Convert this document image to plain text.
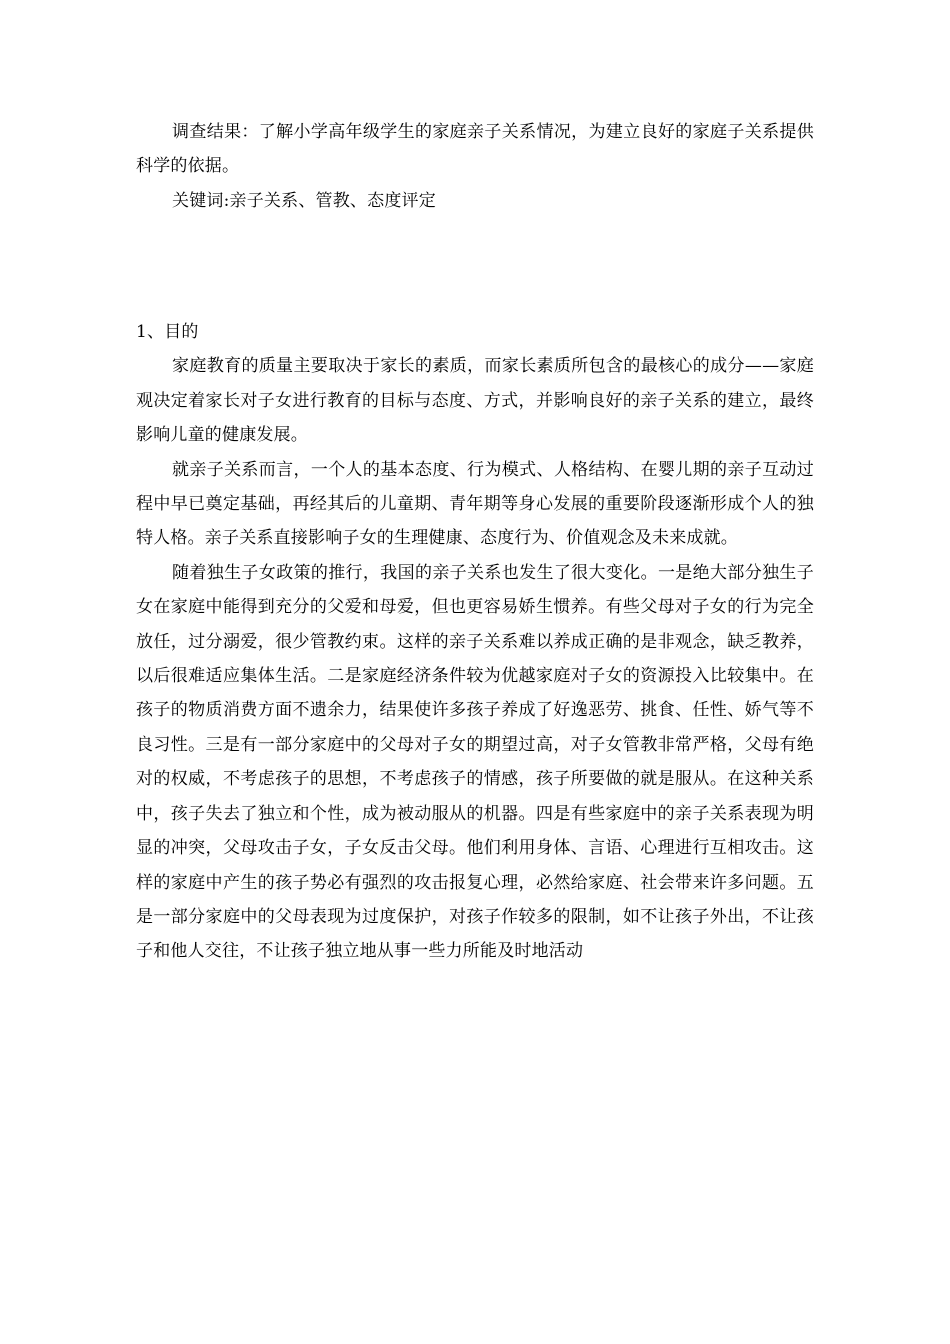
调查结果：了解小学高年级学生的家庭亲子关系情况，为建立良好的家庭子关系提供科学的依据。

关键词:亲子关系、管教、态度评定

1、目的

家庭教育的质量主要取决于家长的素质，而家长素质所包含的最核心的成分——家庭观决定着家长对子女进行教育的目标与态度、方式，并影响良好的亲子关系的建立，最终影响儿童的健康发展。

就亲子关系而言，一个人的基本态度、行为模式、人格结构、在婴儿期的亲子互动过程中早已奠定基础，再经其后的儿童期、青年期等身心发展的重要阶段逐渐形成个人的独特人格。亲子关系直接影响子女的生理健康、态度行为、价值观念及未来成就。

随着独生子女政策的推行，我国的亲子关系也发生了很大变化。一是绝大部分独生子女在家庭中能得到充分的父爱和母爱，但也更容易娇生惯养。有些父母对子女的行为完全放任，过分溺爱，很少管教约束。这样的亲子关系难以养成正确的是非观念，缺乏教养，以后很难适应集体生活。二是家庭经济条件较为优越家庭对子女的资源投入比较集中。在孩子的物质消费方面不遗余力，结果使许多孩子养成了好逸恶劳、挑食、任性、娇气等不良习性。三是有一部分家庭中的父母对子女的期望过高，对子女管教非常严格，父母有绝对的权威，不考虑孩子的思想，不考虑孩子的情感，孩子所要做的就是服从。在这种关系中，孩子失去了独立和个性，成为被动服从的机器。四是有些家庭中的亲子关系表现为明显的冲突，父母攻击子女，子女反击父母。他们利用身体、言语、心理进行互相攻击。这样的家庭中产生的孩子势必有强烈的攻击报复心理，必然给家庭、社会带来许多问题。五是一部分家庭中的父母表现为过度保护，对孩子作较多的限制，如不让孩子外出，不让孩子和他人交往，不让孩子独立地从事一些力所能及时地活动
